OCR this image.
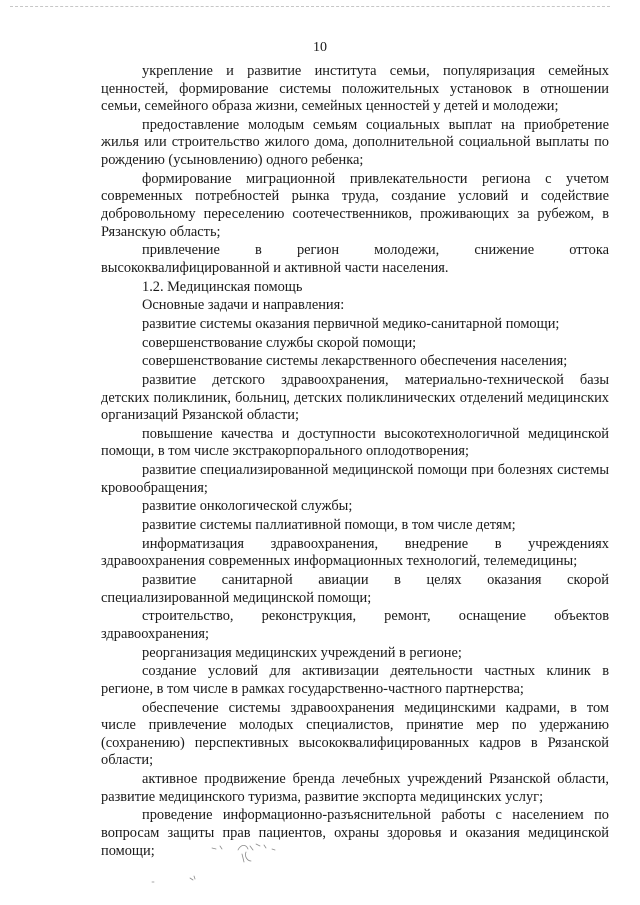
10

укрепление и развитие института семьи, популяризация семейных ценностей, формирование системы положительных установок в отношении семьи, семейного образа жизни, семейных ценностей у детей и молодежи;

предоставление молодым семьям социальных выплат на приобретение жилья или строительство жилого дома, дополнительной социальной выплаты по рождению (усыновлению) одного ребенка;

формирование миграционной привлекательности региона с учетом современных потребностей рынка труда, создание условий и содействие добровольному переселению соотечественников, проживающих за рубежом, в Рязанскую область;

привлечение в регион молодежи, снижение оттока высококвалифицированной и активной части населения.

1.2. Медицинская помощь

Основные задачи и направления:

развитие системы оказания первичной медико-санитарной помощи;

совершенствование службы скорой помощи;

совершенствование системы лекарственного обеспечения населения;

развитие детского здравоохранения, материально-технической базы детских поликлиник, больниц, детских поликлинических отделений медицинских организаций Рязанской области;

повышение качества и доступности высокотехнологичной медицинской помощи, в том числе экстракорпорального оплодотворения;

развитие специализированной медицинской помощи при болезнях системы кровообращения;

развитие онкологической службы;

развитие системы паллиативной помощи, в том числе детям;

информатизация здравоохранения, внедрение в учреждениях здравоохранения современных информационных технологий, телемедицины;

развитие санитарной авиации в целях оказания скорой специализированной медицинской помощи;

строительство, реконструкция, ремонт, оснащение объектов здравоохранения;

реорганизация медицинских учреждений в регионе;

создание условий для активизации деятельности частных клиник в регионе, в том числе в рамках государственно-частного партнерства;

обеспечение системы здравоохранения медицинскими кадрами, в том числе привлечение молодых специалистов, принятие мер по удержанию (сохранению) перспективных высококвалифицированных кадров в Рязанской области;

активное продвижение бренда лечебных учреждений Рязанской области, развитие медицинского туризма, развитие экспорта медицинских услуг;

проведение информационно-разъяснительной работы с населением по вопросам защиты прав пациентов, охраны здоровья и оказания медицинской помощи;
